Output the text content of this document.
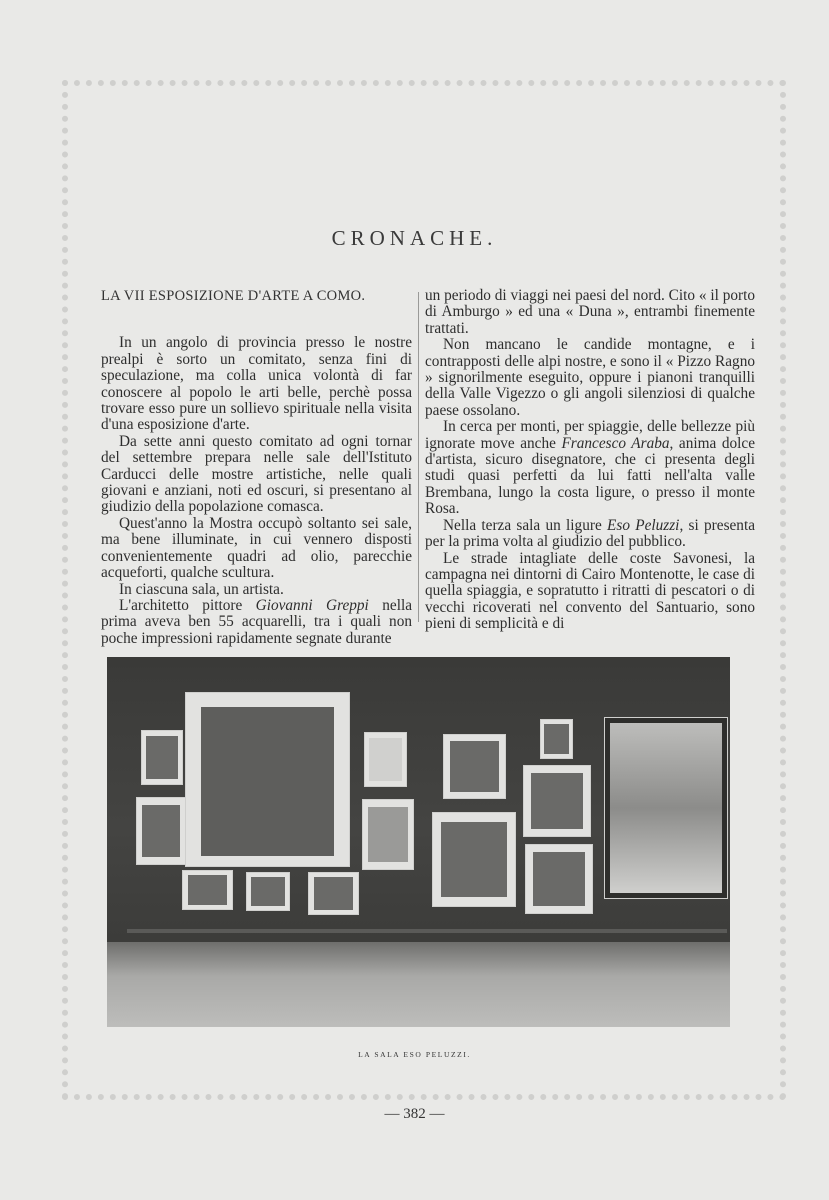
CRONACHE.
LA VII ESPOSIZIONE D'ARTE A COMO.

In un angolo di provincia presso le nostre prealpi è sorto un comitato, senza fini di speculazione, ma colla unica volontà di far conoscere al popolo le arti belle, perchè possa trovare esso pure un sollievo spirituale nella visita d'una esposizione d'arte.

Da sette anni questo comitato ad ogni tornar del settembre prepara nelle sale dell'Istituto Carducci delle mostre artistiche, nelle quali giovani e anziani, noti ed oscuri, si presentano al giudizio della popolazione comasca.

Quest'anno la Mostra occupò soltanto sei sale, ma bene illuminate, in cui vennero disposti convenientemente quadri ad olio, parecchie acqueforti, qualche scultura.

In ciascuna sala, un artista.

L'architetto pittore Giovanni Greppi nella prima aveva ben 55 acquarelli, tra i quali non poche impressioni rapidamente segnate durante

un periodo di viaggi nei paesi del nord. Cito « il porto di Amburgo » ed una « Duna », entrambi finemente trattati.

Non mancano le candide montagne, e i contrapposti delle alpi nostre, e sono il « Pizzo Ragno » signorilmente eseguito, oppure i pianoni tranquilli della Valle Vigezzo o gli angoli silenziosi di qualche paese ossolano.

In cerca per monti, per spiaggie, delle bellezze più ignorate move anche Francesco Araba, anima dolce d'artista, sicuro disegnatore, che ci presenta degli studi quasi perfetti da lui fatti nell'alta valle Brembana, lungo la costa ligure, o presso il monte Rosa.

Nella terza sala un ligure Eso Peluzzi, si presenta per la prima volta al giudizio del pubblico.

Le strade intagliate delle coste Savonesi, la campagna nei dintorni di Cairo Montenotte, le case di quella spiaggia, e sopratutto i ritratti di pescatori o di vecchi ricoverati nel convento del Santuario, sono pieni di semplicità e di

LA SALA ESO PELUZZI.
— 382 —
